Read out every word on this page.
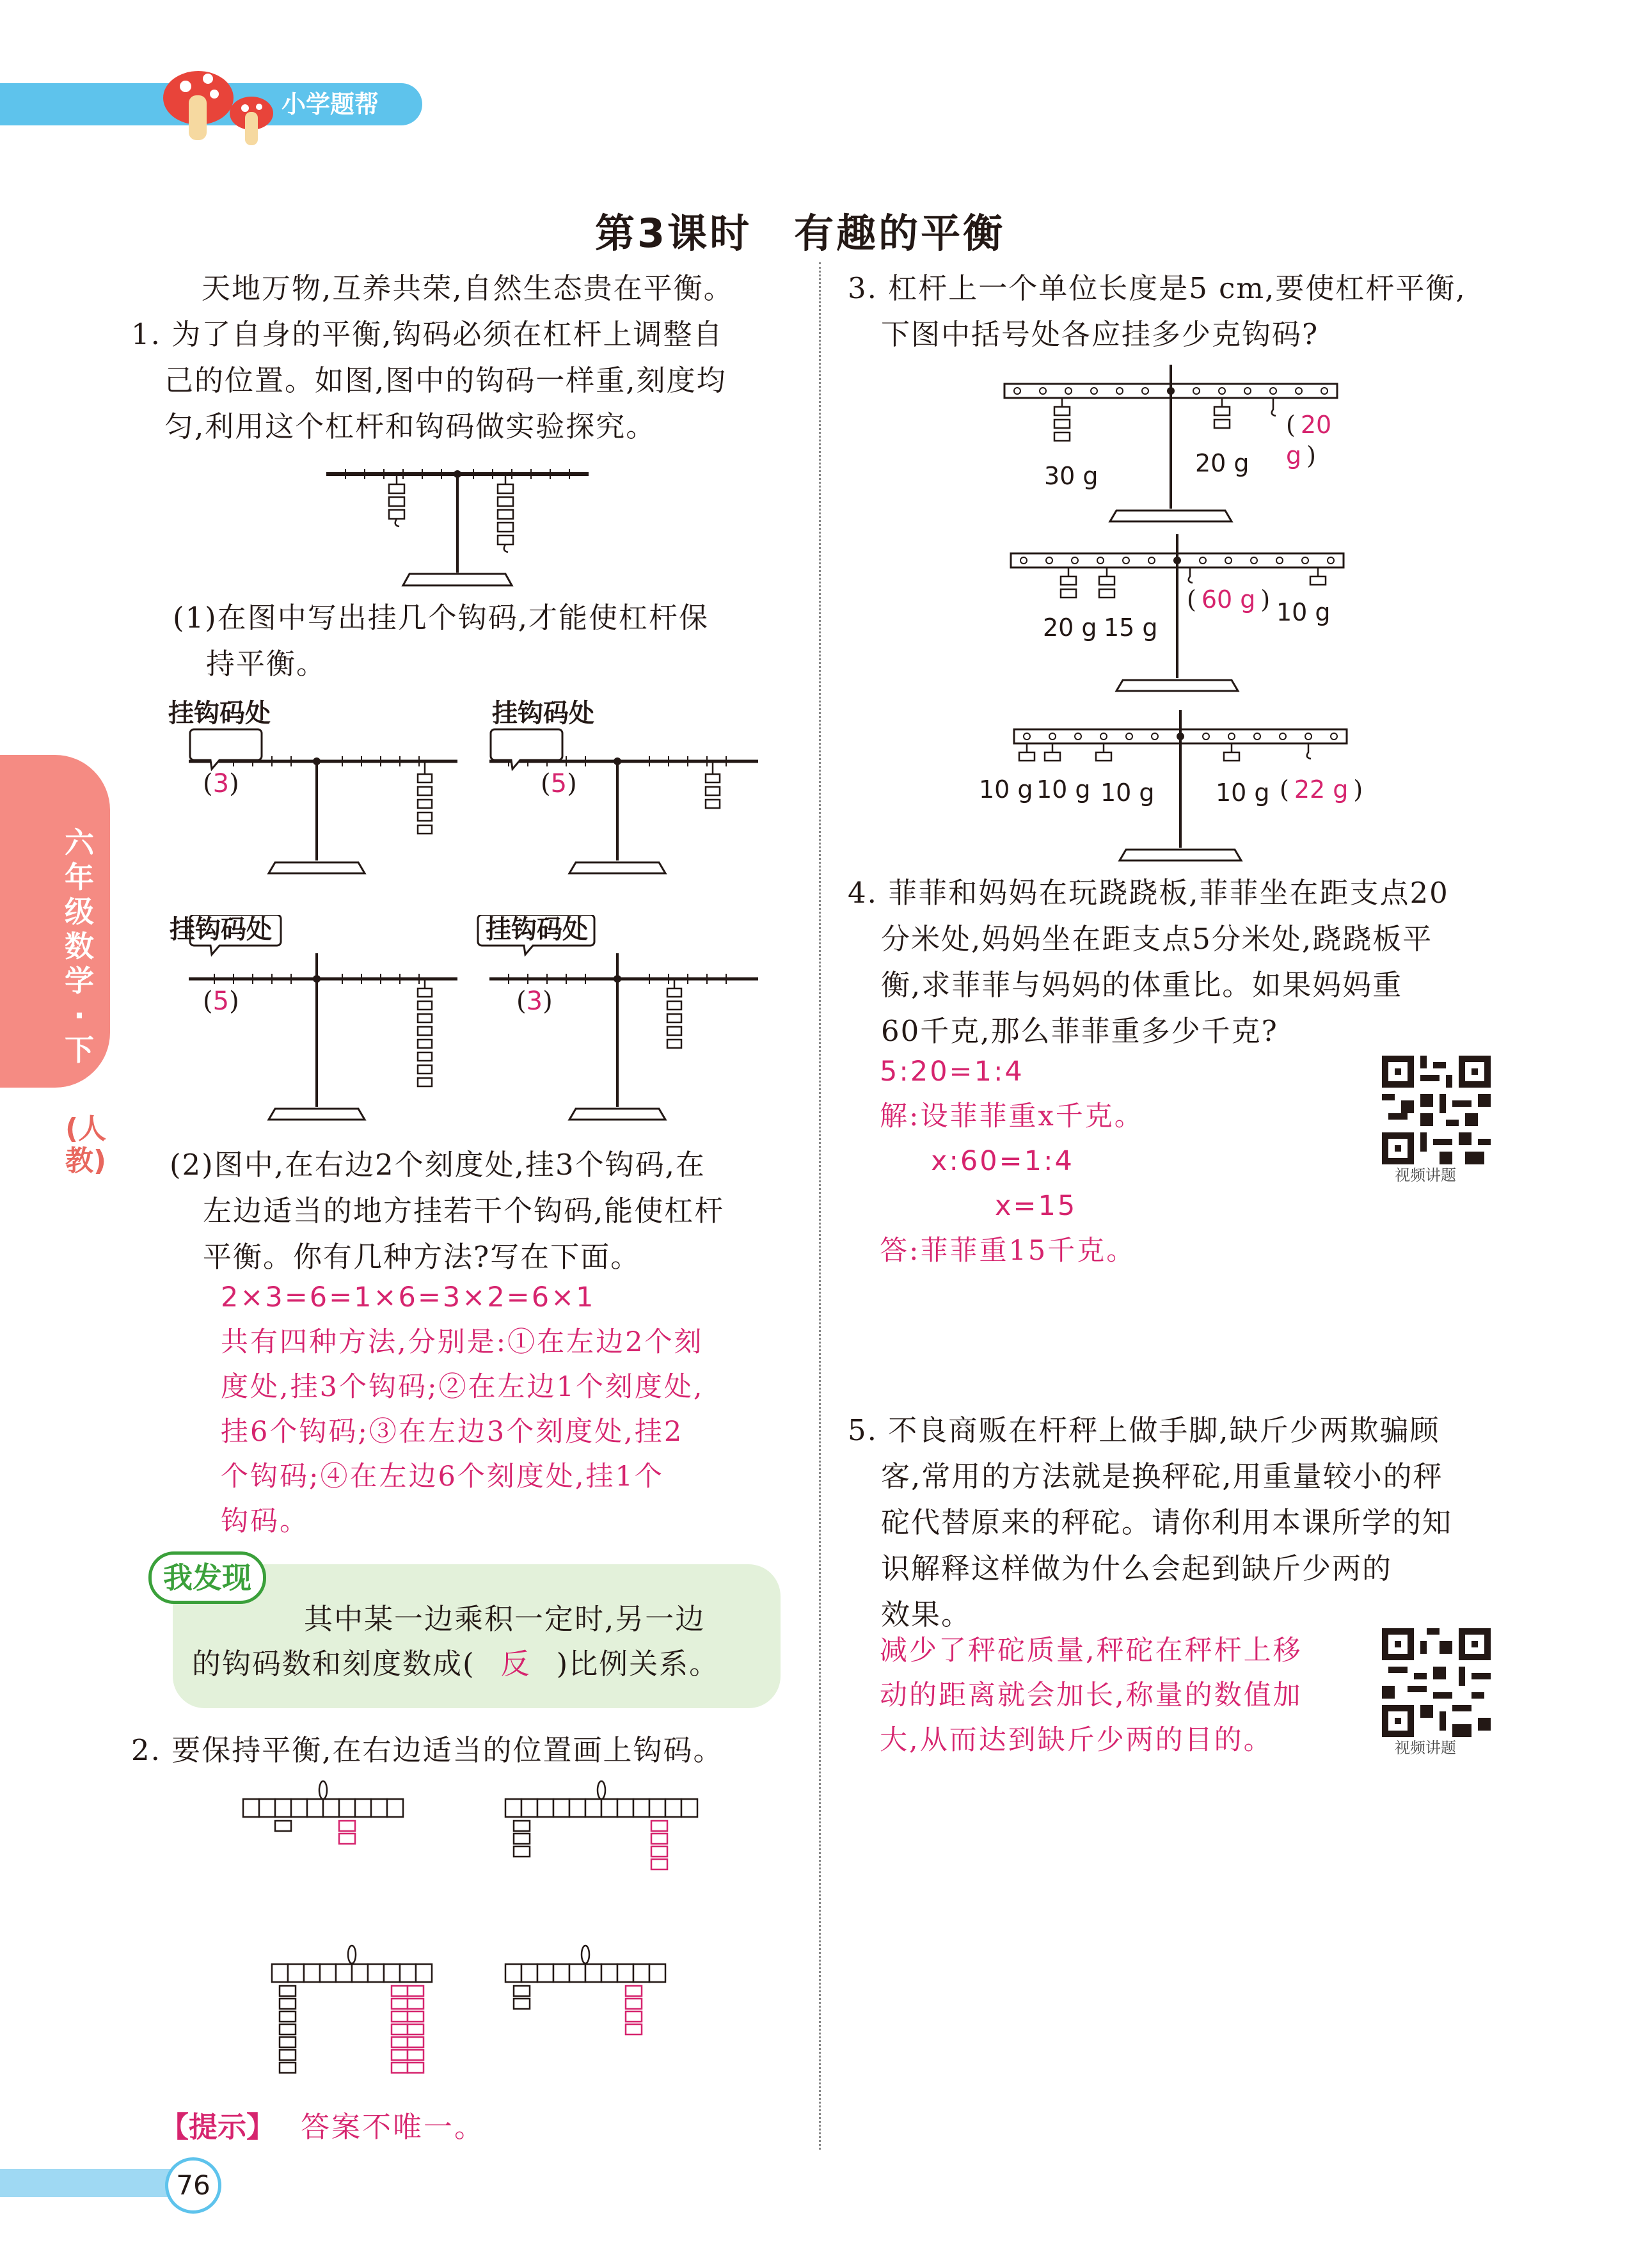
小学题帮
六年级数学·下
(人教)
第3课时　有趣的平衡
天地万物,互养共荣,自然生态贵在平衡。
1. 为了自身的平衡,钩码必须在杠杆上调整自
己的位置。如图,图中的钩码一样重,刻度均
匀,利用这个杠杆和钩码做实验探究。
(1)在图中写出挂几个钩码,才能使杠杆保
持平衡。
挂钩码处
(3)
挂钩码处
(5)
挂钩码处
(5)
挂钩码处
(3)
(2)图中,在右边2个刻度处,挂3个钩码,在
左边适当的地方挂若干个钩码,能使杠杆
平衡。你有几种方法?写在下面。
2×3=6=1×6=3×2=6×1
共有四种方法,分别是:①在左边2个刻
度处,挂3个钩码;②在左边1个刻度处,
挂6个钩码;③在左边3个刻度处,挂2
个钩码;④在左边6个刻度处,挂1个
钩码。
我发现
其中某一边乘积一定时,另一边
的钩码数和刻度数成( 反 )比例关系。
2. 要保持平衡,在右边适当的位置画上钩码。
【提示】 答案不唯一。
76
3. 杠杆上一个单位长度是5 cm,要使杠杆平衡,
下图中括号处各应挂多少克钩码?
30 g	20 g
( 20 g )
20 g 15 g
( 60 g ) 10 g
10 g 10 g 10 g	10 g ( 22 g )
4. 菲菲和妈妈在玩跷跷板,菲菲坐在距支点20
分米处,妈妈坐在距支点5分米处,跷跷板平
衡,求菲菲与妈妈的体重比。如果妈妈重
60千克,那么菲菲重多少千克?
5:20=1:4
解:设菲菲重x千克。
x:60=1:4
x=15
答:菲菲重15千克。
视频讲题
5. 不良商贩在杆秤上做手脚,缺斤少两欺骗顾
客,常用的方法就是换秤砣,用重量较小的秤
砣代替原来的秤砣。请你利用本课所学的知
识解释这样做为什么会起到缺斤少两的
效果。
减少了秤砣质量,秤砣在秤杆上移
动的距离就会加长,称量的数值加
大,从而达到缺斤少两的目的。	视频讲题
